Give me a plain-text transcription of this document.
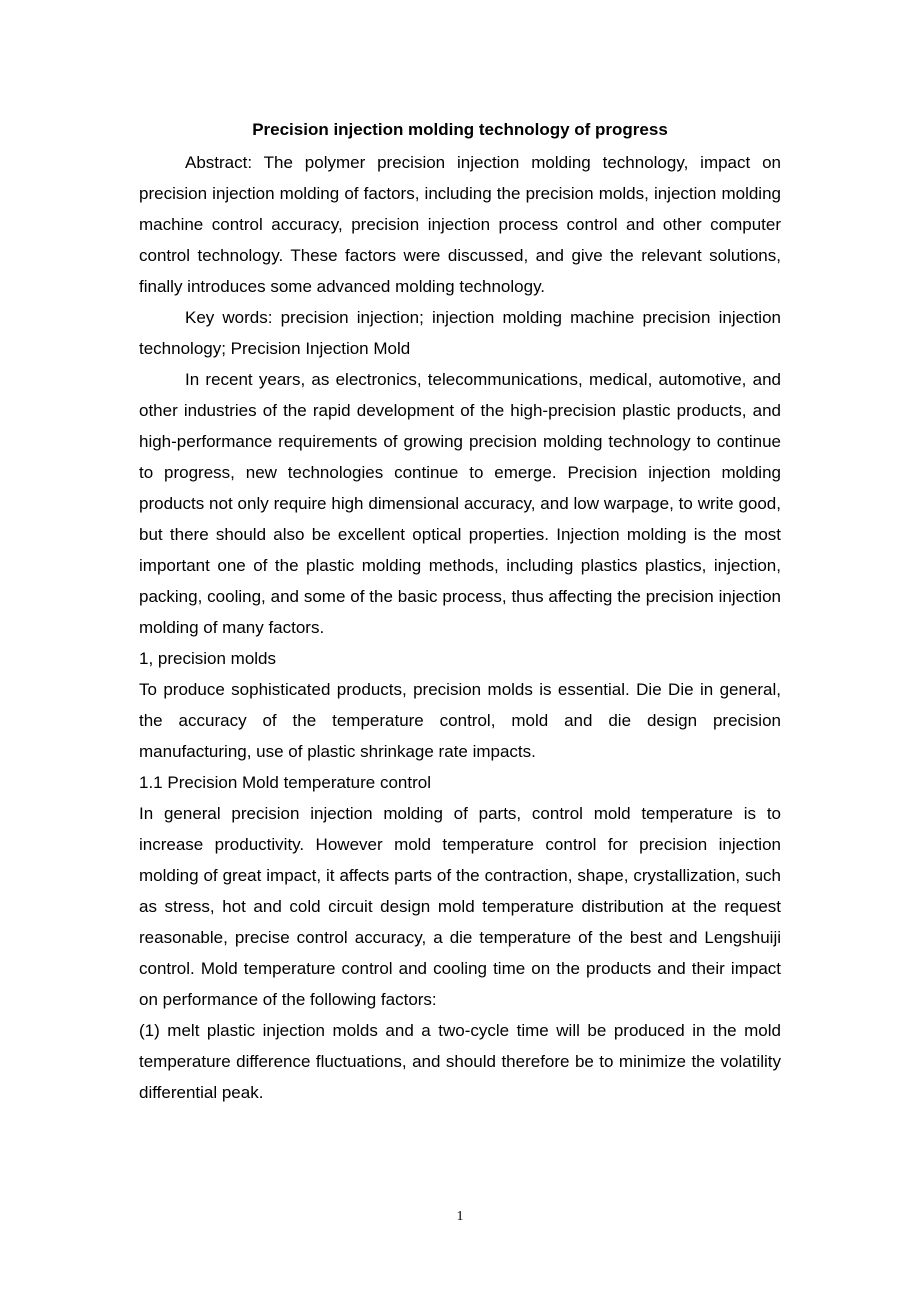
Precision injection molding technology of progress

Abstract: The polymer precision injection molding technology, impact on precision injection molding of factors, including the precision molds, injection molding machine control accuracy, precision injection process control and other computer control technology. These factors were discussed, and give the relevant solutions, finally introduces some advanced molding technology.

Key words: precision injection; injection molding machine precision injection technology; Precision Injection Mold

In recent years, as electronics, telecommunications, medical, automotive, and other industries of the rapid development of the high-precision plastic products, and high-performance requirements of growing precision molding technology to continue to progress, new technologies continue to emerge. Precision injection molding products not only require high dimensional accuracy, and low warpage, to write good, but there should also be excellent optical properties. Injection molding is the most important one of the plastic molding methods, including plastics plastics, injection, packing, cooling, and some of the basic process, thus affecting the precision injection molding of many factors.

1, precision molds

To produce sophisticated products, precision molds is essential. Die Die in general, the accuracy of the temperature control, mold and die design precision manufacturing, use of plastic shrinkage rate impacts.

1.1 Precision Mold temperature control

In general precision injection molding of parts, control mold temperature is to increase productivity. However mold temperature control for precision injection molding of great impact, it affects parts of the contraction, shape, crystallization, such as stress, hot and cold circuit design mold temperature distribution at the request reasonable, precise control accuracy, a die temperature of the best and Lengshuiji control. Mold temperature control and cooling time on the products and their impact on performance of the following factors:

(1) melt plastic injection molds and a two-cycle time will be produced in the mold temperature difference fluctuations, and should therefore be to minimize the volatility differential peak.

1
